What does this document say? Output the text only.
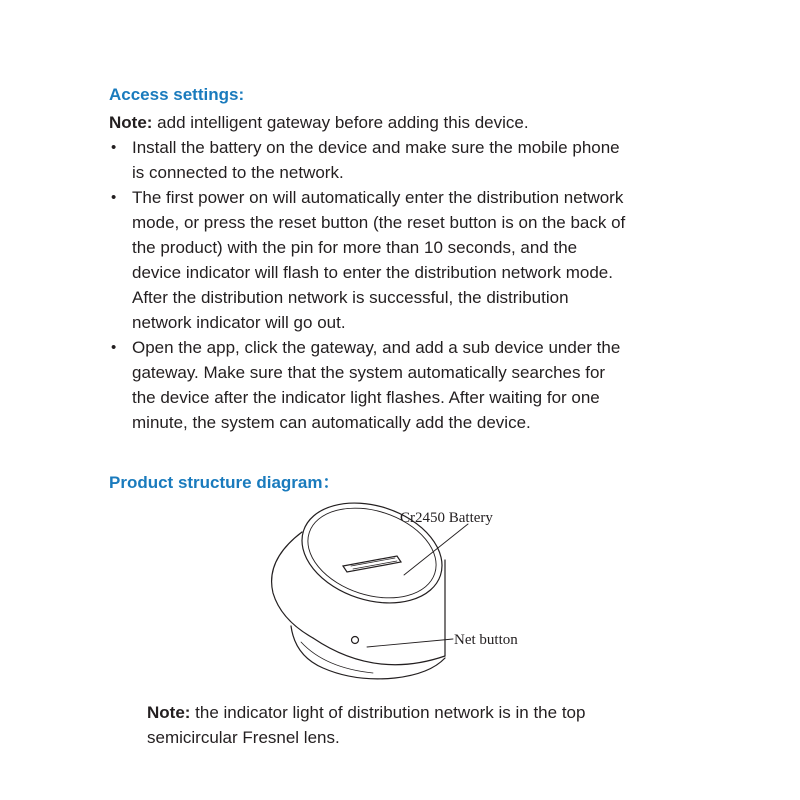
Access settings:

Note: add intelligent gateway before adding this device.

• Install the battery on the device and make sure the mobile phone
is connected to the network.
• The first power on will automatically enter the distribution network
mode, or press the reset button (the reset button is on the back of
the product) with the pin for more than 10 seconds, and the
device indicator will flash to enter the distribution network mode.
After the distribution network is successful, the distribution
network indicator will go out.
• Open the app, click the gateway, and add a sub device under the
gateway. Make sure that the system automatically searches for
the device after the indicator light flashes. After waiting for one
minute, the system can automatically add the device.
Product structure diagram：
Cr2450 Battery
Net button

Note: the indicator light of distribution network is in the top
semicircular Fresnel lens.
